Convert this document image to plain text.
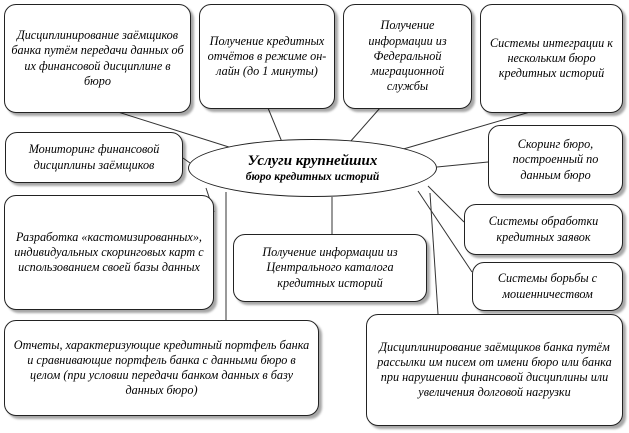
Дисциплинирование заёмщиков банка путём передачи данных об их финансовой дисциплине в бюро
Получение кредитных отчётов в режиме он-лайн (до 1 минуты)
Получение информации из Федеральной миграционной службы
Системы интеграции к нескольким бюро кредитных историй
Мониторинг финансовой дисциплины заёмщиков
Скоринг бюро, построенный по данным бюро
Разработка «кастомизированных», индивидуальных скоринговых карт с использованием своей базы данных
Системы обработки кредитных заявок
Получение информации из Центрального каталога кредитных историй	Системы борьбы с мошенничеством
Отчеты, характеризующие кредитный портфель банка и сравнивающие портфель банка с данными бюро в целом (при условии передачи банком данных в базу данных бюро)
Дисциплинирование заёмщиков банка путём рассылки им писем от имени бюро или банка при нарушении финансовой дисциплины или увеличения долговой нагрузки
Услуги крупнейших
бюро кредитных историй
